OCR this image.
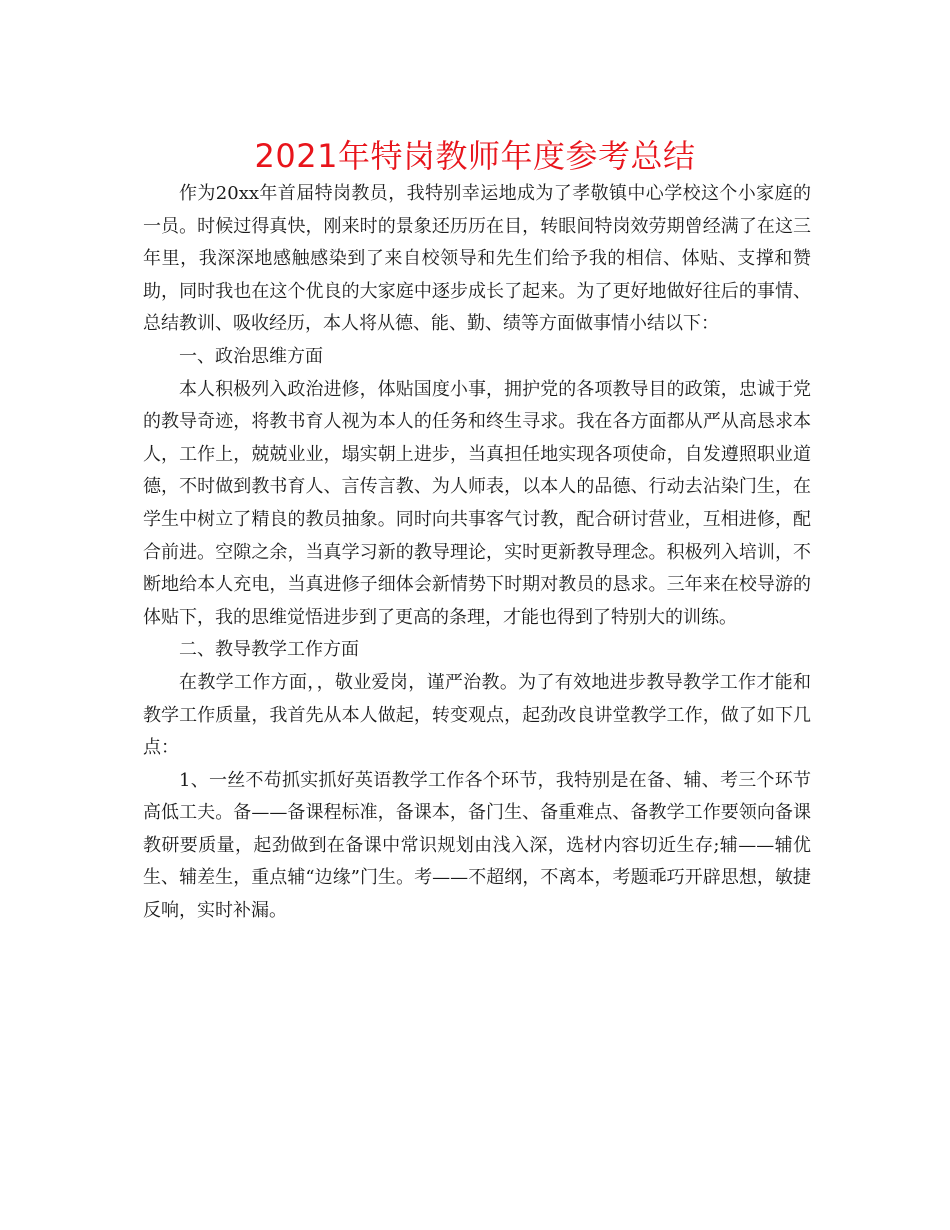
2021年特岗教师年度参考总结

作为20xx年首届特岗教员，我特别幸运地成为了孝敬镇中心学校这个小家庭的一员。时候过得真快，刚来时的景象还历历在目，转眼间特岗效劳期曾经满了在这三年里，我深深地感触感染到了来自校领导和先生们给予我的相信、体贴、支撑和赞助，同时我也在这个优良的大家庭中逐步成长了起来。为了更好地做好往后的事情、总结教训、吸收经历，本人将从德、能、勤、绩等方面做事情小结以下：

一、政治思维方面

本人积极列入政治进修，体贴国度小事，拥护党的各项教导目的政策，忠诚于党的教导奇迹，将教书育人视为本人的任务和终生寻求。我在各方面都从严从高恳求本人，工作上，兢兢业业，塌实朝上进步，当真担任地实现各项使命，自发遵照职业道德，不时做到教书育人、言传言教、为人师表，以本人的品德、行动去沾染门生，在学生中树立了精良的教员抽象。同时向共事客气讨教，配合研讨营业，互相进修，配合前进。空隙之余，当真学习新的教导理论，实时更新教导理念。积极列入培训，不断地给本人充电，当真进修子细体会新情势下时期对教员的恳求。三年来在校导游的体贴下，我的思维觉悟进步到了更高的条理，才能也得到了特别大的训练。

二、教导教学工作方面

在教学工作方面，，敬业爱岗，谨严治教。为了有效地进步教导教学工作才能和教学工作质量，我首先从本人做起，转变观点，起劲改良讲堂教学工作，做了如下几点：

1、一丝不苟抓实抓好英语教学工作各个环节，我特别是在备、辅、考三个环节高低工夫。备——备课程标准，备课本，备门生、备重难点、备教学工作要领向备课教研要质量，起劲做到在备课中常识规划由浅入深，选材内容切近生存;辅——辅优生、辅差生，重点辅“边缘”门生。考——不超纲，不离本，考题乖巧开辟思想，敏捷反响，实时补漏。
